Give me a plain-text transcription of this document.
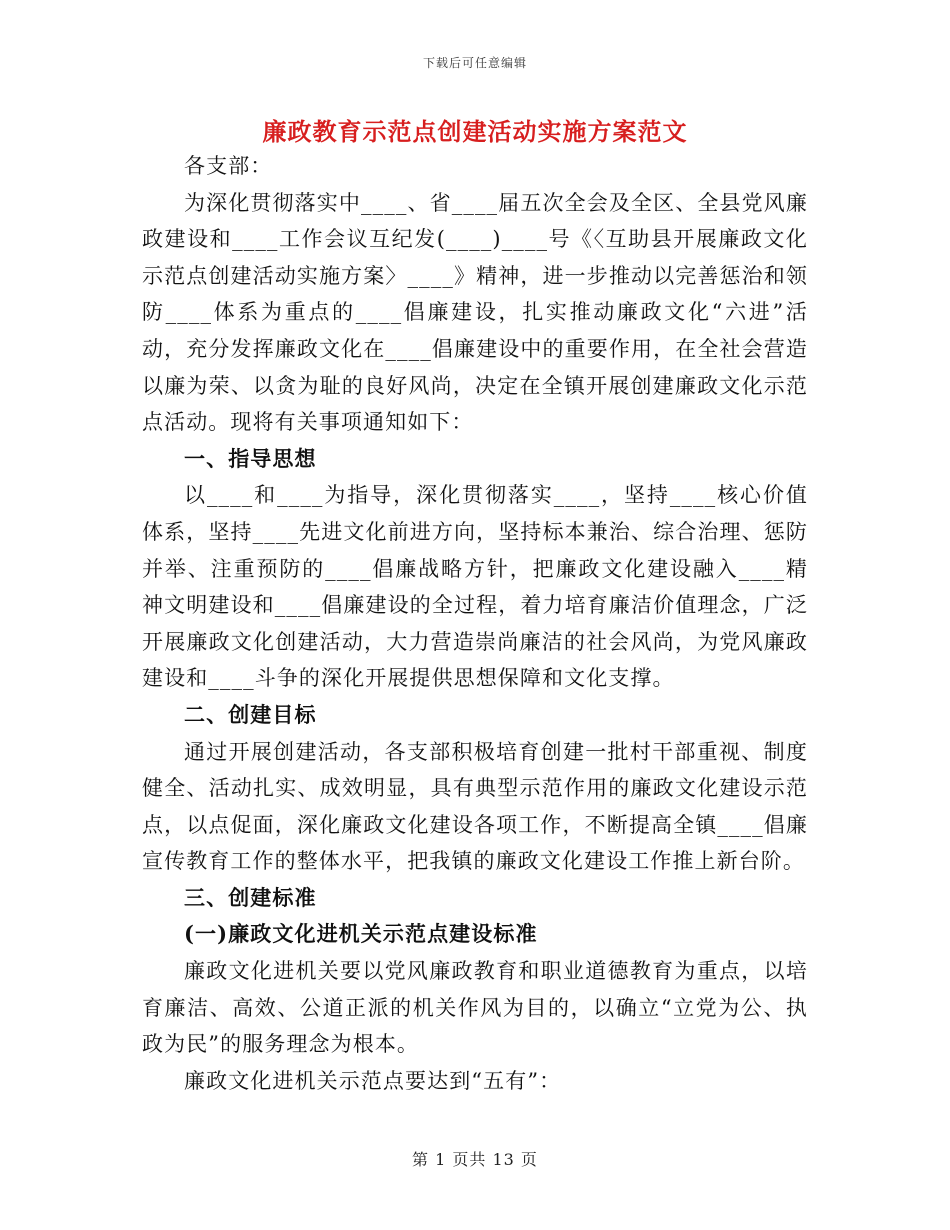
下载后可任意编辑
廉政教育示范点创建活动实施方案范文

各支部：

为深化贯彻落实中____、省____届五次全会及全区、全县党风廉政建设和____工作会议互纪发(____)____号《〈互助县开展廉政文化示范点创建活动实施方案〉____》精神，进一步推动以完善惩治和领防____体系为重点的____倡廉建设，扎实推动廉政文化“六进”活动，充分发挥廉政文化在____倡廉建设中的重要作用，在全社会营造以廉为荣、以贪为耻的良好风尚，决定在全镇开展创建廉政文化示范点活动。现将有关事项通知如下：

一、指导思想

以____和____为指导，深化贯彻落实____，坚持____核心价值体系，坚持____先进文化前进方向，坚持标本兼治、综合治理、惩防并举、注重预防的____倡廉战略方针，把廉政文化建设融入____精神文明建设和____倡廉建设的全过程，着力培育廉洁价值理念，广泛开展廉政文化创建活动，大力营造崇尚廉洁的社会风尚，为党风廉政建设和____斗争的深化开展提供思想保障和文化支撑。

二、创建目标

通过开展创建活动，各支部积极培育创建一批村干部重视、制度健全、活动扎实、成效明显，具有典型示范作用的廉政文化建设示范点，以点促面，深化廉政文化建设各项工作，不断提高全镇____倡廉宣传教育工作的整体水平，把我镇的廉政文化建设工作推上新台阶。

三、创建标准
(一)廉政文化进机关示范点建设标准

廉政文化进机关要以党风廉政教育和职业道德教育为重点，以培育廉洁、高效、公道正派的机关作风为目的，以确立“立党为公、执政为民”的服务理念为根本。

廉政文化进机关示范点要达到“五有”：

第 1 页共 13 页
